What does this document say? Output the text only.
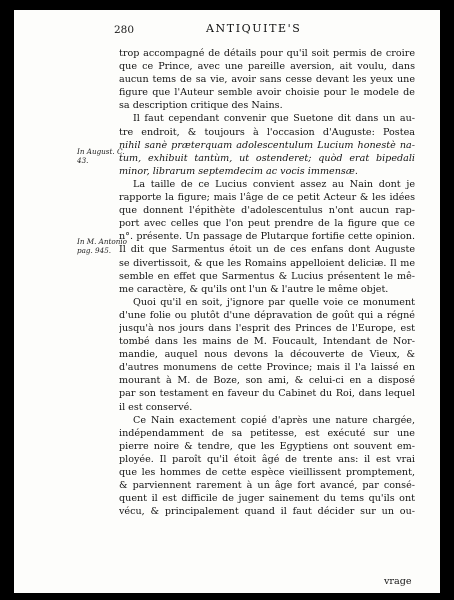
280	ANTIQUITE'S
In August. C. 43.
In M. Antonio pag. 945.
trop accompagné de détails pour qu'il soit permis de croire
que ce Prince, avec une pareille aversion, ait voulu, dans
aucun tems de sa vie, avoir sans cesse devant les yeux une
figure que l'Auteur semble avoir choisie pour le modele de
sa description critique des Nains.
Il faut cependant convenir que Suetone dit dans un au-
tre endroit, & toujours à l'occasion d'Auguste: Postea
nihil sanè præterquam adolescentulum Lucium honestè na-
tum, exhibuit tantùm, ut ostenderet; quòd erat bipedali
minor, librarum septemdecim ac vocis immensæ.
La taille de ce Lucius convient assez au Nain dont je
rapporte la figure; mais l'âge de ce petit Acteur & les idées
que donnent l'épithète d'adolescentulus n'ont aucun rap-
port avec celles que l'on peut prendre de la figure que ce
n°. présente. Un passage de Plutarque fortifie cette opinion.
Il dit que Sarmentus étoit un de ces enfans dont Auguste
se divertissoit, & que les Romains appelloient deliciæ. Il me
semble en effet que Sarmentus & Lucius présentent le mê-
me caractère, & qu'ils ont l'un & l'autre le même objet.
Quoi qu'il en soit, j'ignore par quelle voie ce monument
d'une folie ou plutôt d'une dépravation de goût qui a régné
jusqu'à nos jours dans l'esprit des Princes de l'Europe, est
tombé dans les mains de M. Foucault, Intendant de Nor-
mandie, auquel nous devons la découverte de Vieux, &
d'autres monumens de cette Province; mais il l'a laissé en
mourant à M. de Boze, son ami, & celui-ci en a disposé
par son testament en faveur du Cabinet du Roi, dans lequel
il est conservé.
Ce Nain exactement copié d'après une nature chargée,
indépendamment de sa petitesse, est exécuté sur une
pierre noire & tendre, que les Egyptiens ont souvent em-
ployée. Il paroît qu'il étoit âgé de trente ans: il est vrai
que les hommes de cette espèce vieillissent promptement,
& parviennent rarement à un âge fort avancé, par consé-
quent il est difficile de juger sainement du tems qu'ils ont
vécu, & principalement quand il faut décider sur un ou-
vrage
